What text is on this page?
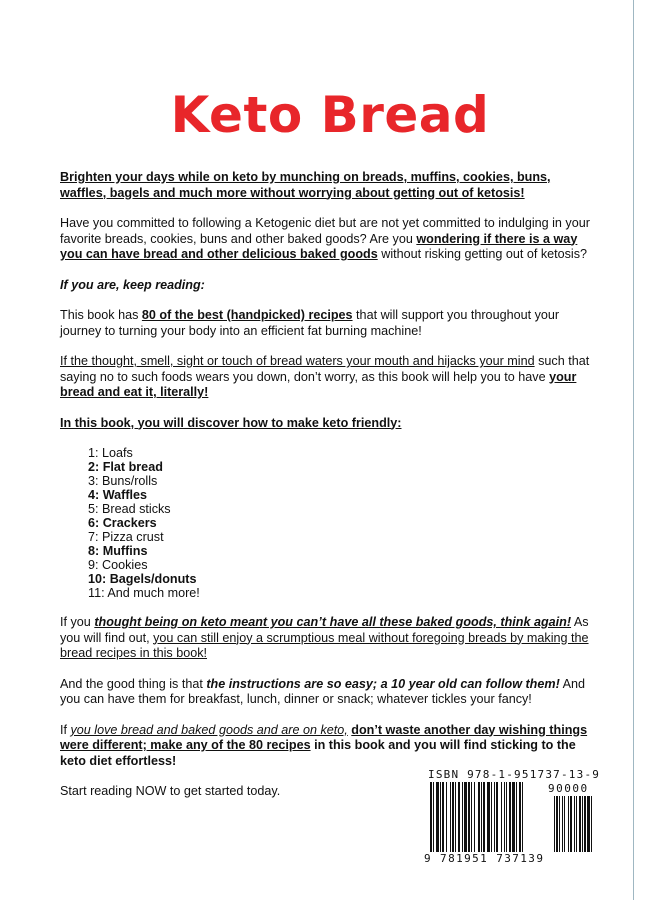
Keto Bread

Brighten your days while on keto by munching on breads, muffins, cookies, buns, waffles, bagels and much more without worrying about getting out of ketosis!

Have you committed to following a Ketogenic diet but are not yet committed to indulging in your favorite breads, cookies, buns and other baked goods? Are you wondering if there is a way you can have bread and other delicious baked goods without risking getting out of ketosis?

If you are, keep reading:

This book has 80 of the best (handpicked) recipes that will support you throughout your journey to turning your body into an efficient fat burning machine!

If the thought, smell, sight or touch of bread waters your mouth and hijacks your mind such that saying no to such foods wears you down, don’t worry, as this book will help you to have your bread and eat it, literally!

In this book, you will discover how to make keto friendly:

1: Loafs
2: Flat bread
3: Buns/rolls
4: Waffles
5: Bread sticks
6: Crackers
7: Pizza crust
8: Muffins
9: Cookies
10: Bagels/donuts
11: And much more!

If you thought being on keto meant you can’t have all these baked goods, think again! As you will find out, you can still enjoy a scrumptious meal without foregoing breads by making the bread recipes in this book!

And the good thing is that the instructions are so easy; a 10 year old can follow them! And you can have them for breakfast, lunch, dinner or snack; whatever tickles your fancy!

If you love bread and baked goods and are on keto, don’t waste another day wishing things were different; make any of the 80 recipes in this book and you will find sticking to the keto diet effortless!

Start reading NOW to get started today.

ISBN 978-1-951737-13-9
90000
9 781951 737139
